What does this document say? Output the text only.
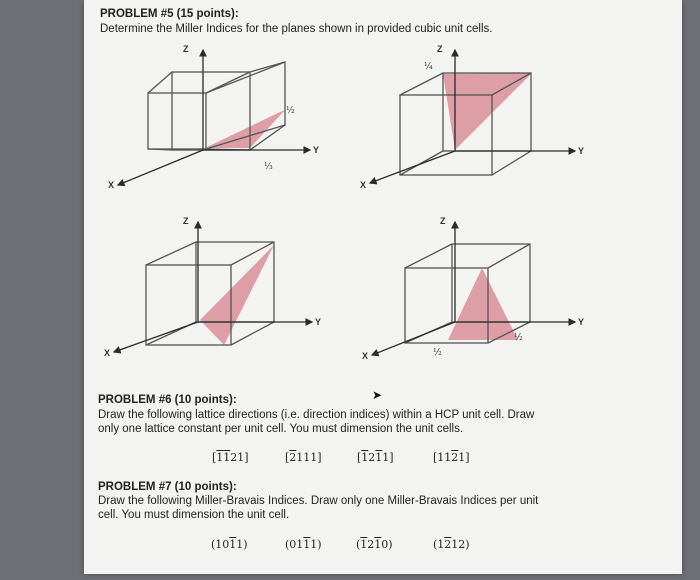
PROBLEM #5 (15 points):
Determine the Miller Indices for the planes shown in provided cubic unit cells.
Z
Y
X
½
⅓
Z
Y
X
¼
Z
Y
X
Z
Y
X	½
½
➤
PROBLEM #6 (10 points):
Draw the following lattice directions (i.e. direction indices) within a HCP unit cell. Draw
only one lattice constant per unit cell. You must dimension the unit cells.
[1121]	[2111]	[1211]	[1121]
PROBLEM #7 (10 points):
Draw the following Miller-Bravais Indices. Draw only one Miller-Bravais Indices per unit
cell. You must dimension the unit cell.
(1011)	(0111)	(1210)	(1212)
